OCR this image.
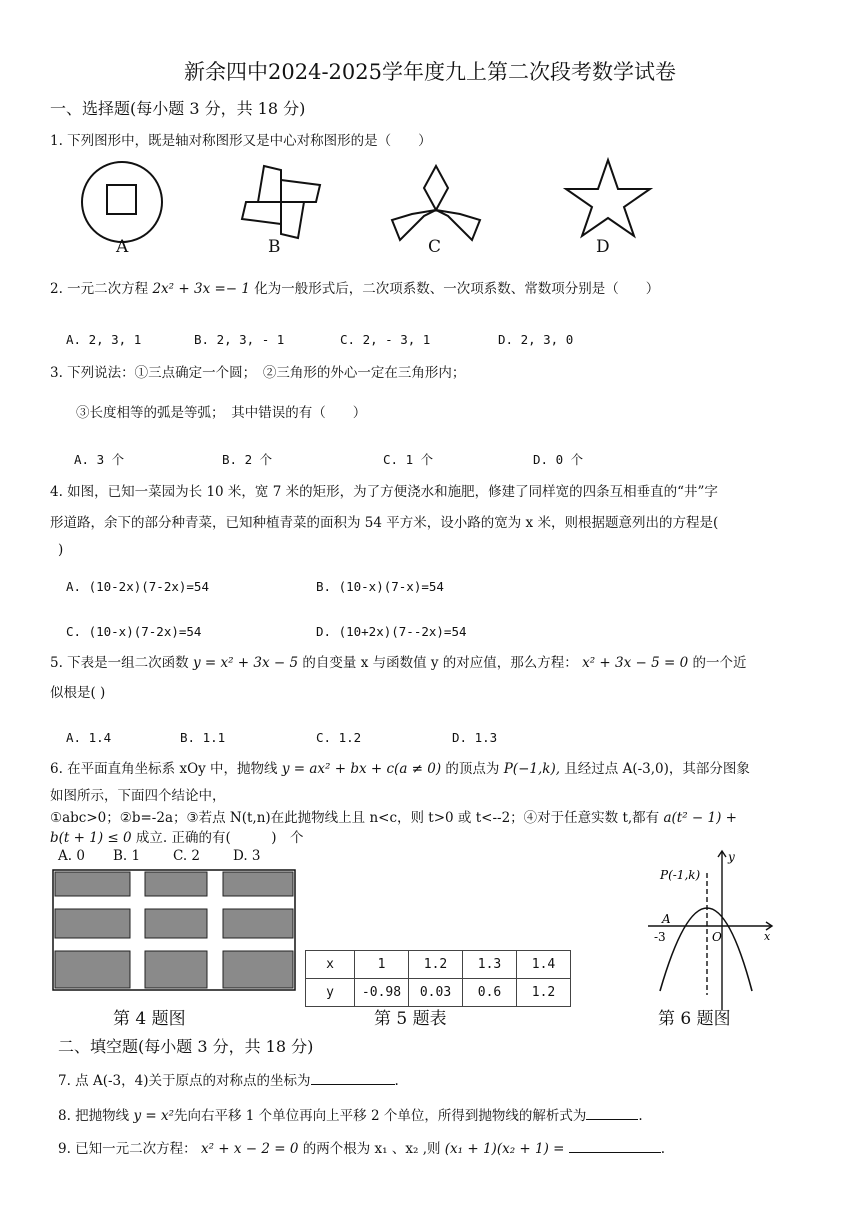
新余四中2024-2025学年度九上第二次段考数学试卷
一、选择题(每小题 3 分，共 18 分)
1. 下列图形中，既是轴对称图形又是中心对称图形的是（　　）
A	B	C	D
2. 一元二次方程 2x² + 3x =− 1 化为一般形式后，二次项系数、一次项系数、常数项分别是（　　）
A. 2, 3, 1	B. 2, 3, - 1	C. 2, - 3, 1	D. 2, 3, 0
3. 下列说法：①三点确定一个圆；　②三角形的外心一定在三角形内；
③长度相等的弧是等弧；　其中错误的有（　　）
A. 3 个	B. 2 个	C. 1 个	D. 0 个
4. 如图，已知一菜园为长 10 米，宽 7 米的矩形，为了方便浇水和施肥，修建了同样宽的四条互相垂直的“井”字
形道路，余下的部分种青菜，已知种植青菜的面积为 54 平方米，设小路的宽为 x 米，则根据题意列出的方程是(
)
A. (10-2x)(7-2x)=54	B. (10-x)(7-x)=54
C. (10-x)(7-2x)=54	D. (10+2x)(7--2x)=54
5. 下表是一组二次函数 y = x² + 3x − 5 的自变量 x 与函数值 y 的对应值，那么方程： x² + 3x − 5 = 0 的一个近
似根是( )
A. 1.4	B. 1.1	C. 1.2	D. 1.3
6. 在平面直角坐标系 xOy 中，抛物线 y = ax² + bx + c(a ≠ 0) 的顶点为 P(−1,k), 且经过点 A(-3,0)，其部分图象
如图所示，下面四个结论中，
①abc>0；②b=-2a；③若点 N(t,n)在此抛物线上且 n<c，则 t>0 或 t<--2；④对于任意实数 t,都有 a(t² − 1) +
b(t + 1) ≤ 0 成立. 正确的有(　　　)　个
A. 0 B. 1 C. 2 D. 3
x	1	1.2	1.3	1.4
y	-0.98	0.03	0.6	1.2
P(-1,k)
y
x
A
-3	O
第 4 题图	第 5 题表	第 6 题图
二、填空题(每小题 3 分，共 18 分)
7. 点 A(-3，4)关于原点的对称点的坐标为	.
8. 把抛物线 y = x²先向右平移 1 个单位再向上平移 2 个单位，所得到抛物线的解析式为	.
9. 已知一元二次方程： x² + x − 2 = 0 的两个根为 x₁ 、x₂ ,则 (x₁ + 1)(x₂ + 1) =	.
